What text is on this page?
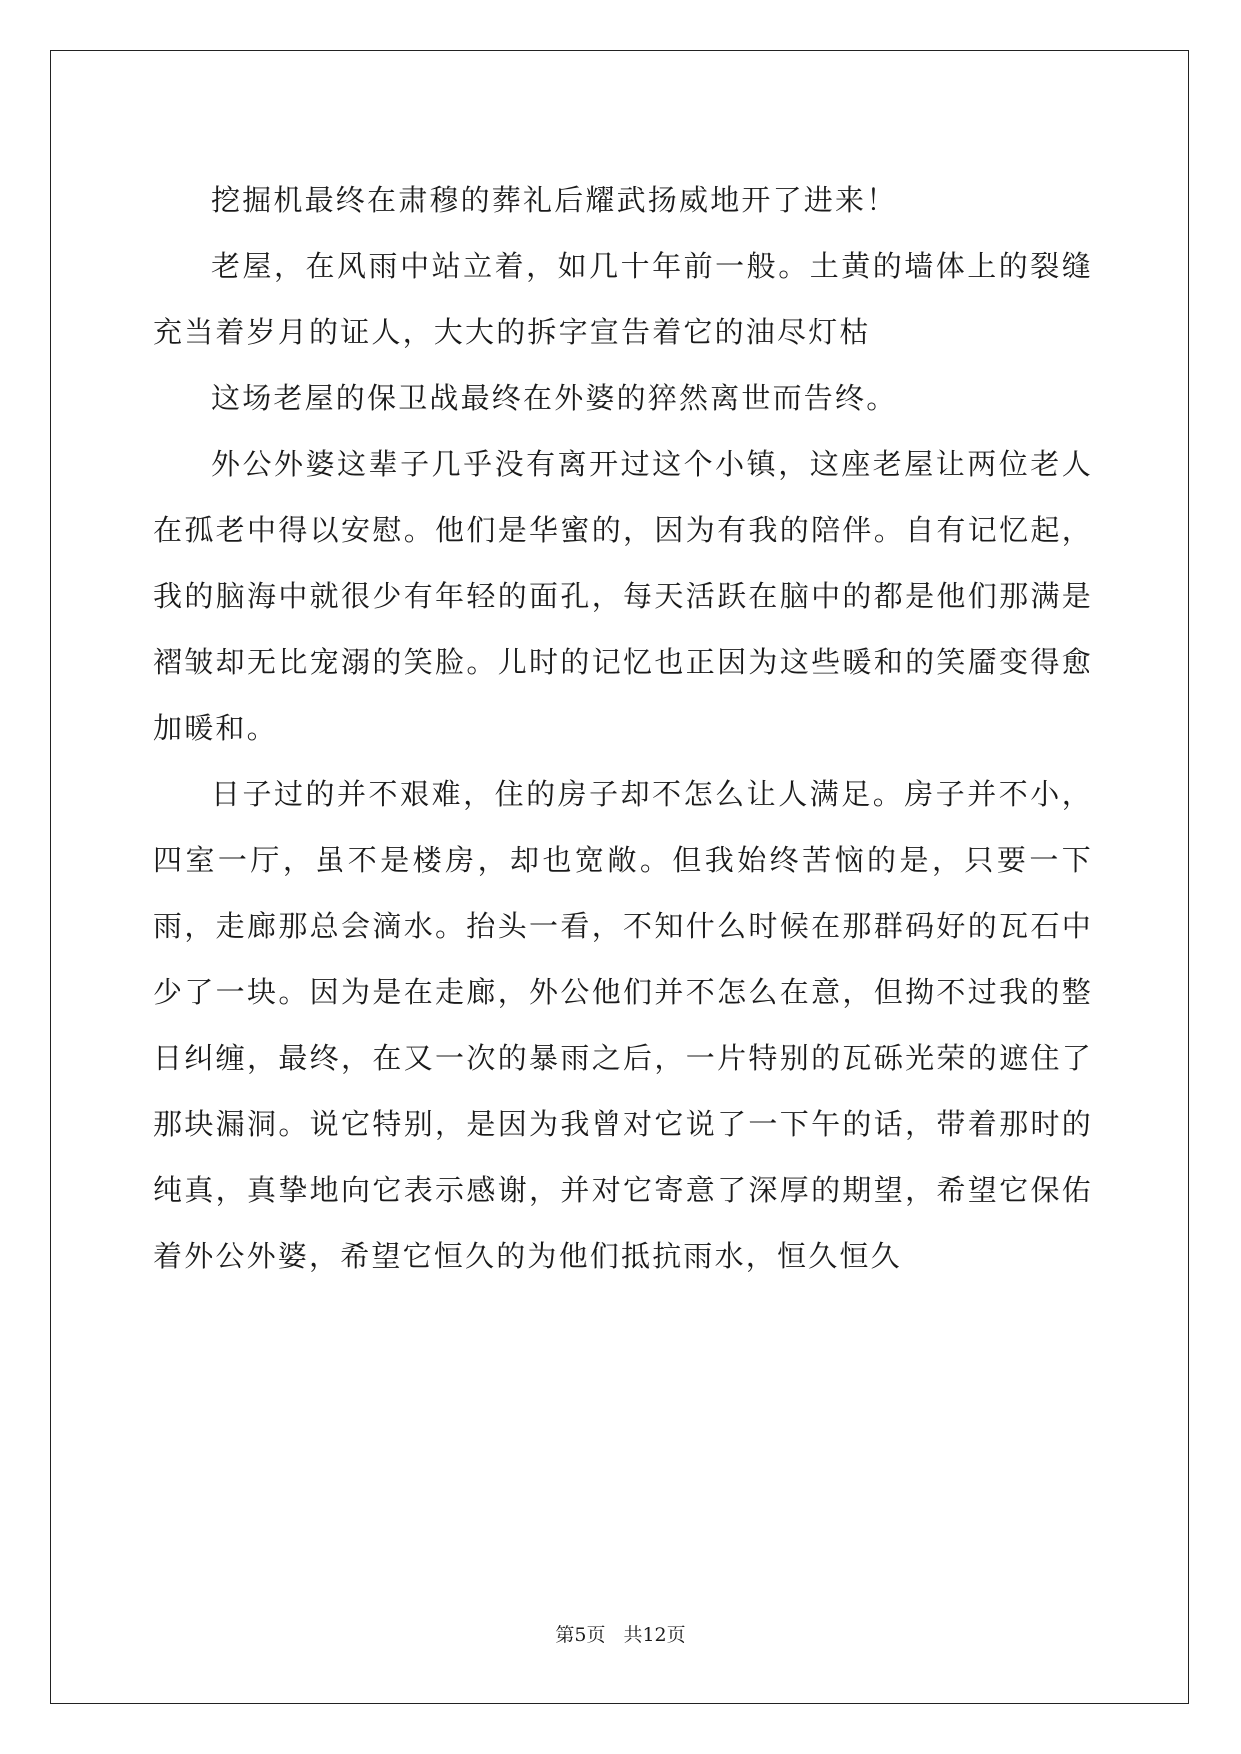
挖掘机最终在肃穆的葬礼后耀武扬威地开了进来！

老屋，在风雨中站立着，如几十年前一般。土黄的墙体上的裂缝充当着岁月的证人，大大的拆字宣告着它的油尽灯枯

这场老屋的保卫战最终在外婆的猝然离世而告终。

外公外婆这辈子几乎没有离开过这个小镇，这座老屋让两位老人在孤老中得以安慰。他们是华蜜的，因为有我的陪伴。自有记忆起，我的脑海中就很少有年轻的面孔，每天活跃在脑中的都是他们那满是褶皱却无比宠溺的笑脸。儿时的记忆也正因为这些暖和的笑靥变得愈加暖和。

日子过的并不艰难，住的房子却不怎么让人满足。房子并不小，四室一厅，虽不是楼房，却也宽敞。但我始终苦恼的是，只要一下雨，走廊那总会滴水。抬头一看，不知什么时候在那群码好的瓦石中少了一块。因为是在走廊，外公他们并不怎么在意，但拗不过我的整日纠缠，最终，在又一次的暴雨之后，一片特别的瓦砾光荣的遮住了那块漏洞。说它特别，是因为我曾对它说了一下午的话，带着那时的纯真，真挚地向它表示感谢，并对它寄意了深厚的期望，希望它保佑着外公外婆，希望它恒久的为他们抵抗雨水，恒久恒久

第5页 共12页
